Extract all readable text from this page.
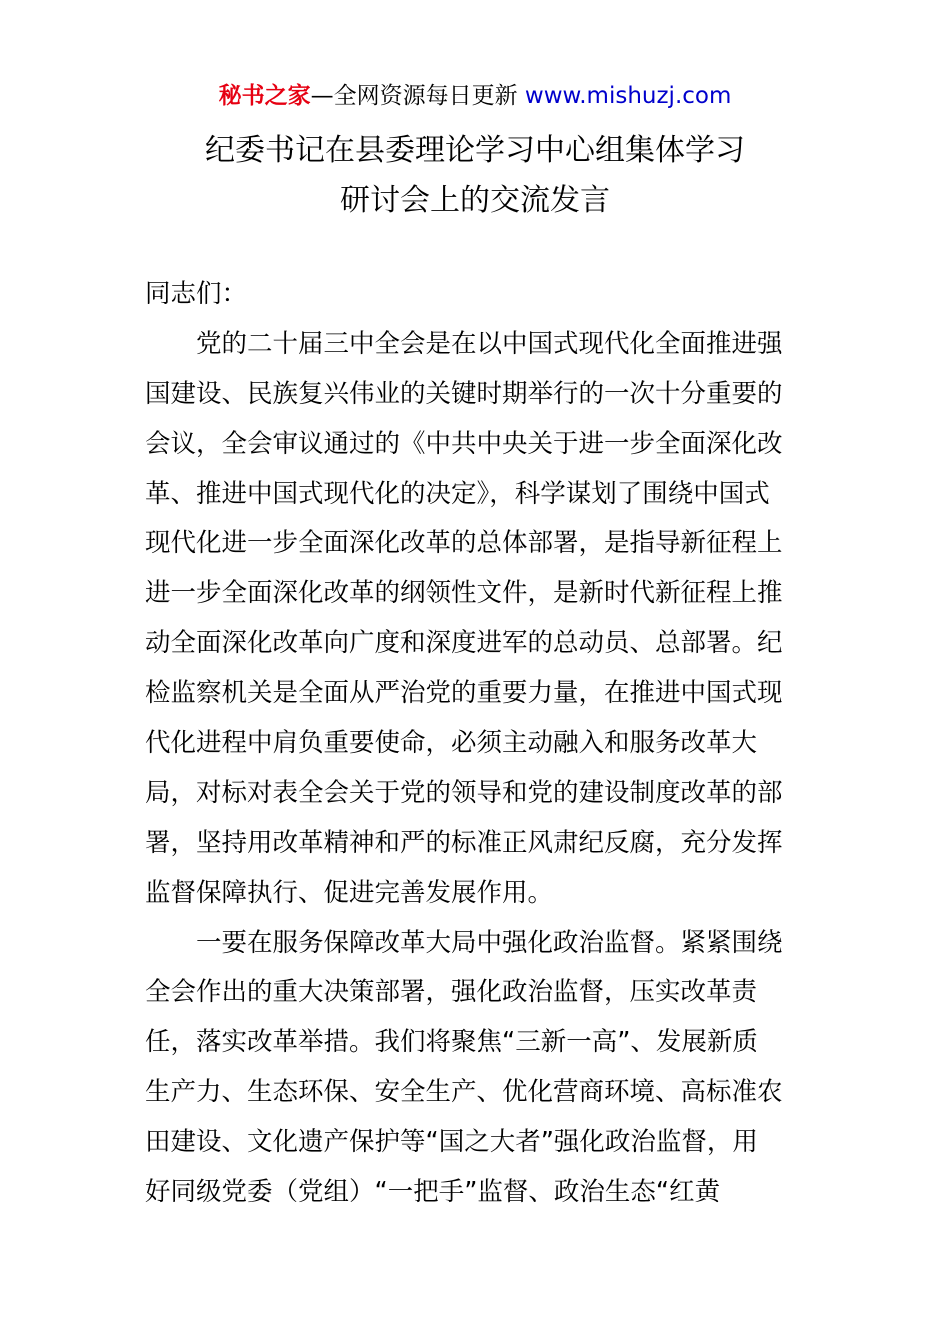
秘书之家—全网资源每日更新 www.mishuzj.com
纪委书记在县委理论学习中心组集体学习
研讨会上的交流发言
同志们：
　　党的二十届三中全会是在以中国式现代化全面推进强
国建设、民族复兴伟业的关键时期举行的一次十分重要的
会议，全会审议通过的《中共中央关于进一步全面深化改
革、推进中国式现代化的决定》，科学谋划了围绕中国式
现代化进一步全面深化改革的总体部署，是指导新征程上
进一步全面深化改革的纲领性文件，是新时代新征程上推
动全面深化改革向广度和深度进军的总动员、总部署。纪
检监察机关是全面从严治党的重要力量，在推进中国式现
代化进程中肩负重要使命，必须主动融入和服务改革大
局，对标对表全会关于党的领导和党的建设制度改革的部
署，坚持用改革精神和严的标准正风肃纪反腐，充分发挥
监督保障执行、促进完善发展作用。
　　一要在服务保障改革大局中强化政治监督。紧紧围绕
全会作出的重大决策部署，强化政治监督，压实改革责
任，落实改革举措。我们将聚焦“三新一高”、发展新质
生产力、生态环保、安全生产、优化营商环境、高标准农
田建设、文化遗产保护等“国之大者”强化政治监督，用
好同级党委（党组）“一把手”监督、政治生态“红黄
